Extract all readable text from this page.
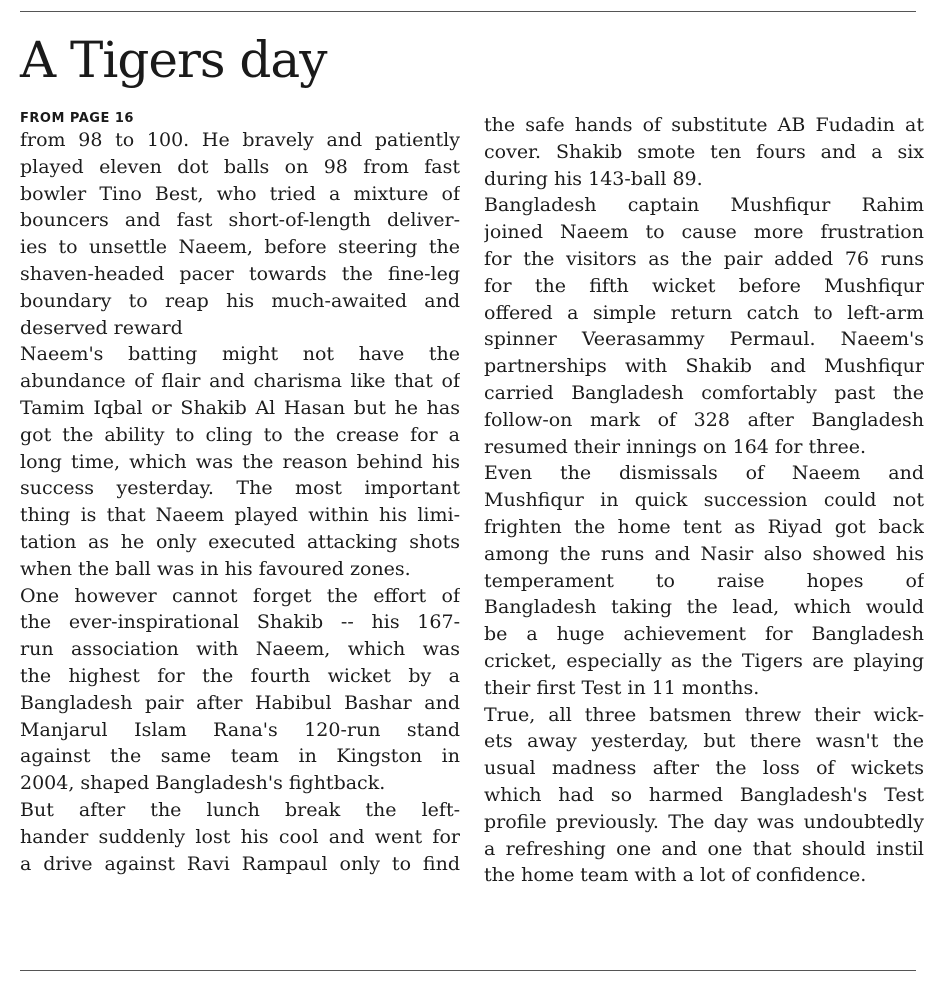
A Tigers day

FROM PAGE 16

from 98 to 100. He bravely and patiently
played eleven dot balls on 98 from fast
bowler Tino Best, who tried a mixture of
bouncers and fast short-of-length deliver-
ies to unsettle Naeem, before steering the
shaven-headed pacer towards the fine-leg
boundary to reap his much-awaited and
deserved reward
Naeem's batting might not have the
abundance of flair and charisma like that of
Tamim Iqbal or Shakib Al Hasan but he has
got the ability to cling to the crease for a
long time, which was the reason behind his
success yesterday. The most important
thing is that Naeem played within his limi-
tation as he only executed attacking shots
when the ball was in his favoured zones.
One however cannot forget the effort of
the ever-inspirational Shakib -- his 167-
run association with Naeem, which was
the highest for the fourth wicket by a
Bangladesh pair after Habibul Bashar and
Manjarul Islam Rana's 120-run stand
against the same team in Kingston in
2004, shaped Bangladesh's fightback.
But after the lunch break the left-
hander suddenly lost his cool and went for
a drive against Ravi Rampaul only to find
the safe hands of substitute AB Fudadin at
cover. Shakib smote ten fours and a six
during his 143-ball 89.
Bangladesh captain Mushfiqur Rahim
joined Naeem to cause more frustration
for the visitors as the pair added 76 runs
for the fifth wicket before Mushfiqur
offered a simple return catch to left-arm
spinner Veerasammy Permaul. Naeem's
partnerships with Shakib and Mushfiqur
carried Bangladesh comfortably past the
follow-on mark of 328 after Bangladesh
resumed their innings on 164 for three.
Even the dismissals of Naeem and
Mushfiqur in quick succession could not
frighten the home tent as Riyad got back
among the runs and Nasir also showed his
temperament to raise hopes of
Bangladesh taking the lead, which would
be a huge achievement for Bangladesh
cricket, especially as the Tigers are playing
their first Test in 11 months.
True, all three batsmen threw their wick-
ets away yesterday, but there wasn't the
usual madness after the loss of wickets
which had so harmed Bangladesh's Test
profile previously. The day was undoubtedly
a refreshing one and one that should instil
the home team with a lot of confidence.
